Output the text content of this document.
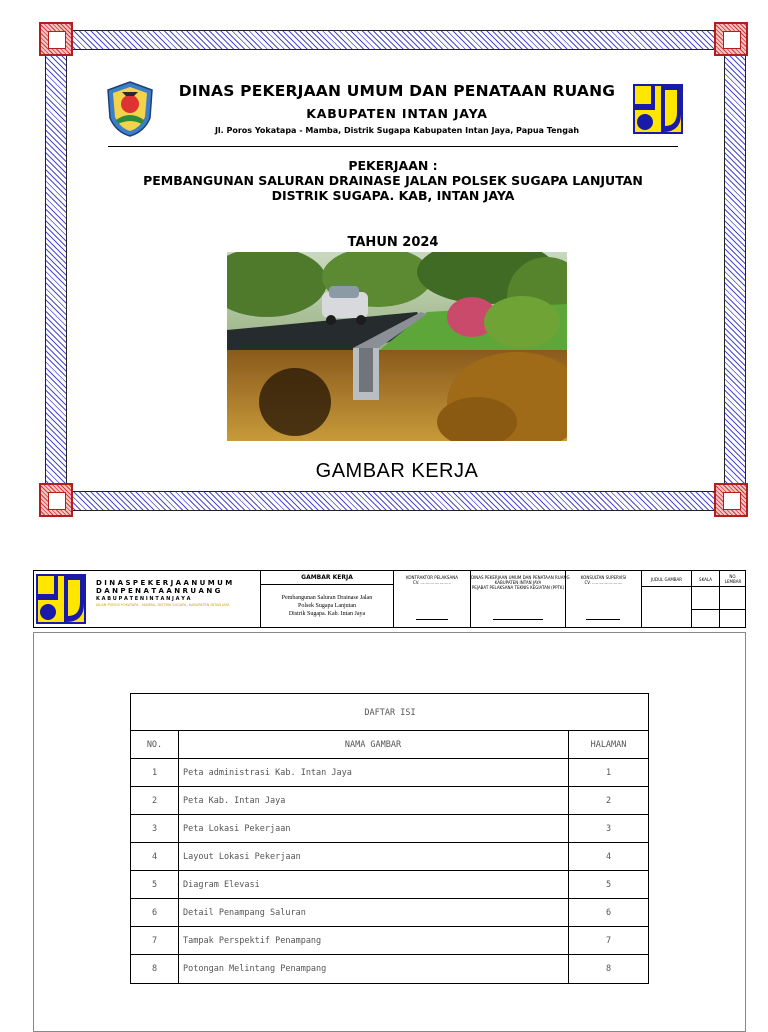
DINAS PEKERJAAN UMUM DAN PENATAAN RUANG
KABUPATEN INTAN JAYA
Jl. Poros Yokatapa - Mamba, Distrik Sugapa Kabupaten Intan Jaya, Papua Tengah
PEKERJAAN :
PEMBANGUNAN SALURAN DRAINASE JALAN POLSEK SUGAPA LANJUTAN
DISTRIK SUGAPA. KAB, INTAN JAYA
TAHUN 2024
GAMBAR KERJA
D I N A S P E K E R J A A N U M U M
D A N P E N A T A A N R U A N G
K A B U P A T E N I N T A N J A Y A
JALAN POROS YOKATAPA - MAMBA, DISTRIK SUGAPA, KABUPATEN INTAN JAYA
GAMBAR KERJA
Pembangunan Saluran Drainase Jalan
Polsek Sugapa Lanjutan
Distrik Sugapa. Kab. Intan Jaya
KONTRAKTOR PELAKSANA
CV. ........................
DINAS PEKERJAAN UMUM DAN PENATAAN RUANG
KABUPATEN INTAN JAYA
PEJABAT PELAKSANA TEKNIS KEGIATAN (PPTK)
KONSULTAN SUPERVISI
CV. ........................
JUDUL GAMBAR	SKALA
NO.
LEMBAR
DAFTAR ISI
NO.	NAMA GAMBAR	HALAMAN
1	Peta administrasi Kab. Intan Jaya	1
2	Peta Kab. Intan Jaya	2
3	Peta Lokasi Pekerjaan	3
4	Layout Lokasi Pekerjaan	4
5	Diagram Elevasi	5
6	Detail Penampang Saluran	6
7	Tampak Perspektif Penampang	7
8	Potongan Melintang Penampang	8
